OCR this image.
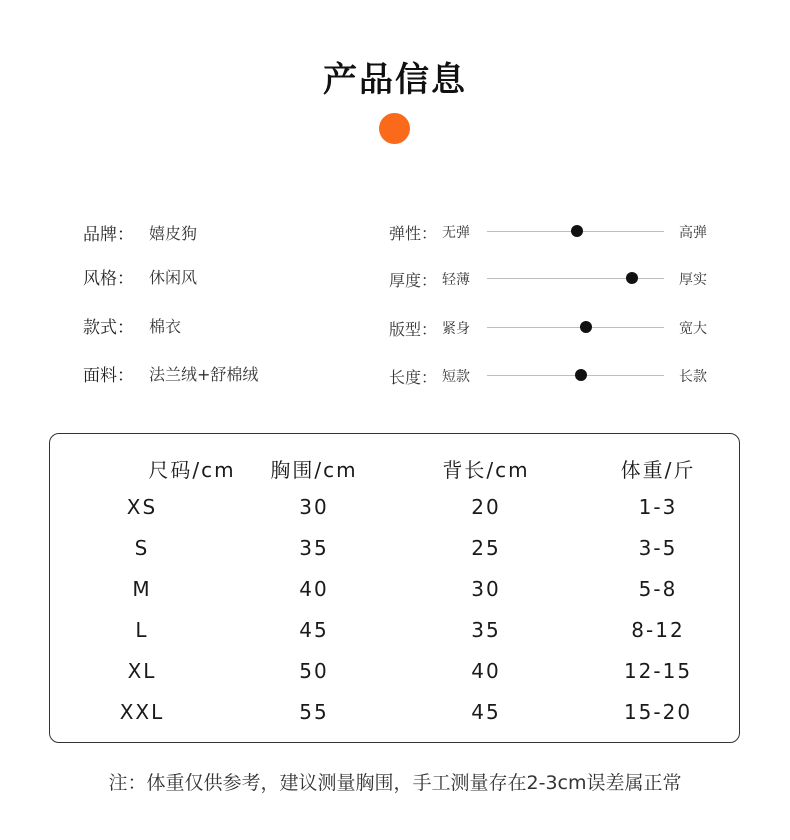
产品信息
品牌： 嬉皮狗
风格： 休闲风
款式： 棉衣
面料： 法兰绒+舒棉绒
弹性： 无弹	高弹
厚度： 轻薄	厚实
版型： 紧身	宽大
长度： 短款	长款
尺码/cm	胸围/cm	背长/cm	体重/斤
XS	30	20	1-3
S	35	25	3-5
M	40	30	5-8
L	45	35	8-12
XL	50	40	12-15
XXL	55	45	15-20
注：体重仅供参考，建议测量胸围，手工测量存在2-3cm误差属正常
